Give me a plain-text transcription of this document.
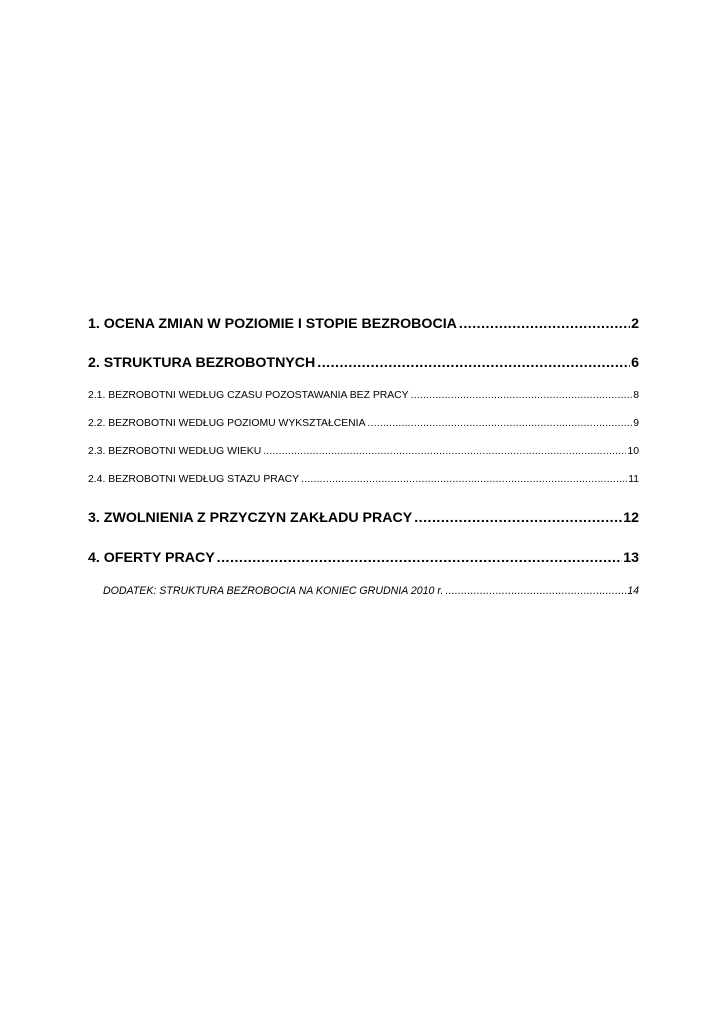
1. OCENA ZMIAN W POZIOMIE I STOPIE BEZROBOCIA .....	2
2. STRUKTURA BEZROBOTNYCH .....	6
2.1. BEZROBOTNI WEDŁUG CZASU POZOSTAWANIA BEZ PRACY .....	8
2.2. BEZROBOTNI WEDŁUG POZIOMU WYKSZTAŁCENIA .....	9
2.3. BEZROBOTNI WEDŁUG WIEKU .....	10
2.4. BEZROBOTNI WEDŁUG STAŻU PRACY .....	11
3. ZWOLNIENIA Z PRZYCZYN ZAKŁADU PRACY .....	12
4. OFERTY PRACY .....	13
DODATEK: STRUKTURA BEZROBOCIA NA KONIEC GRUDNIA 2010 r. .....	14
